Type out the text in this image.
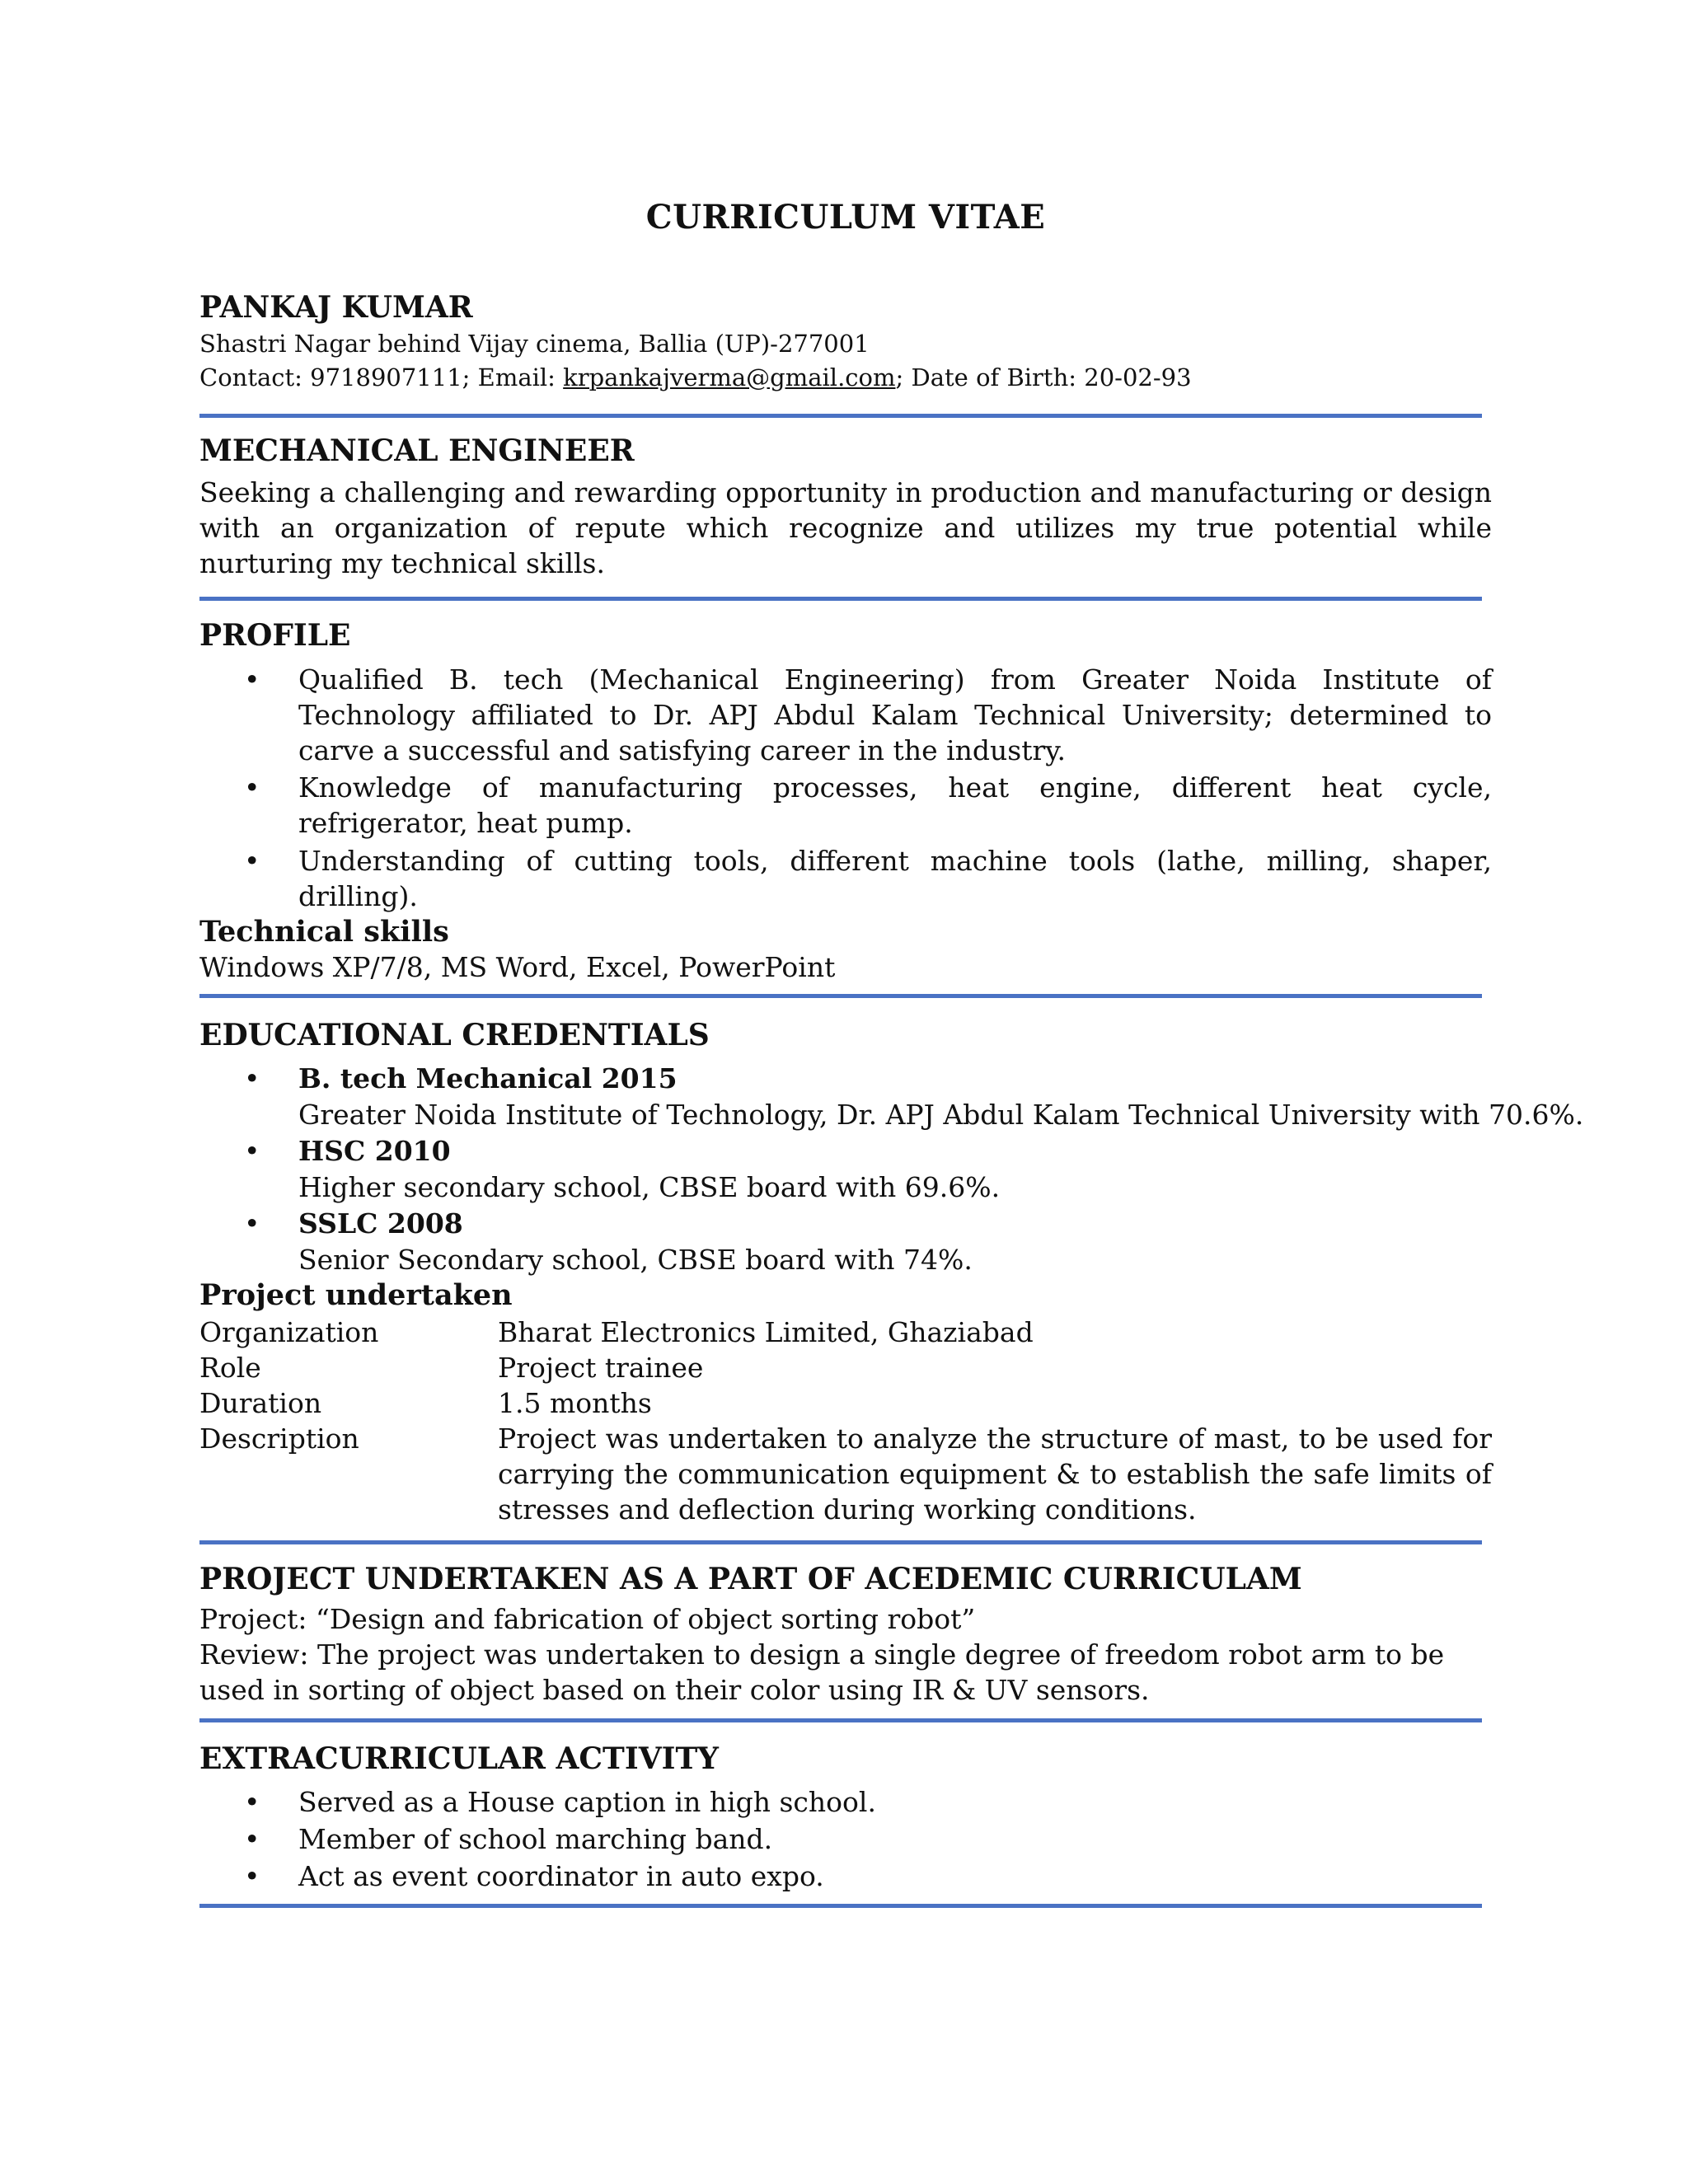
CURRICULUM VITAE
PANKAJ KUMAR
Shastri Nagar behind Vijay cinema, Ballia (UP)-277001
Contact: 9718907111; Email: krpankajverma@gmail.com; Date of Birth: 20-02-93
MECHANICAL ENGINEER
Seeking a challenging and rewarding opportunity in production and manufacturing or design with an organization of repute which recognize and utilizes my true potential while nurturing my technical skills.
PROFILE
• Qualified B. tech (Mechanical Engineering) from Greater Noida Institute of Technology affiliated to Dr. APJ Abdul Kalam Technical University; determined to carve a successful and satisfying career in the industry.
• Knowledge of manufacturing processes, heat engine, different heat cycle, refrigerator, heat pump.
• Understanding of cutting tools, different machine tools (lathe, milling, shaper, drilling).
Technical skills
Windows XP/7/8, MS Word, Excel, PowerPoint
EDUCATIONAL CREDENTIALS
• B. tech Mechanical 2015
Greater Noida Institute of Technology, Dr. APJ Abdul Kalam Technical University with 70.6%.
• HSC 2010
Higher secondary school, CBSE board with 69.6%.
• SSLC 2008
Senior Secondary school, CBSE board with 74%.
Project undertaken
Organization	Bharat Electronics Limited, Ghaziabad
Role	Project trainee
Duration	1.5 months
Description	Project was undertaken to analyze the structure of mast, to be used for carrying the communication equipment & to establish the safe limits of stresses and deflection during working conditions.
PROJECT UNDERTAKEN AS A PART OF ACEDEMIC CURRICULAM
Project: “Design and fabrication of object sorting robot”
Review: The project was undertaken to design a single degree of freedom robot arm to be used in sorting of object based on their color using IR & UV sensors.
EXTRACURRICULAR ACTIVITY
• Served as a House caption in high school.
• Member of school marching band.
• Act as event coordinator in auto expo.
